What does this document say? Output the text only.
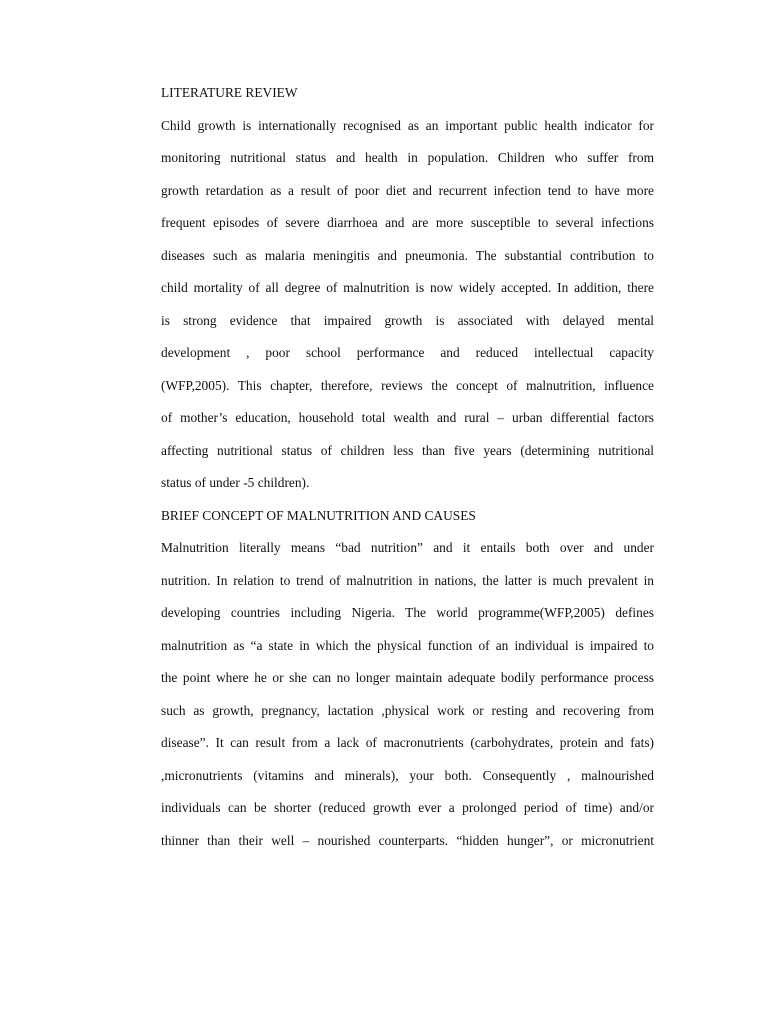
LITERATURE REVIEW

Child growth is internationally recognised as an important public health indicator for

monitoring nutritional status and health in population. Children who suffer from

growth retardation as a result of poor diet and recurrent infection tend to have more

frequent episodes of severe diarrhoea and are more susceptible to several infections

diseases such as malaria meningitis and pneumonia. The substantial contribution to

child mortality of all degree of malnutrition is now widely accepted. In addition, there

is strong evidence that impaired growth is associated with delayed mental

development , poor school performance and reduced intellectual capacity

(WFP,2005). This chapter, therefore, reviews the concept of malnutrition, influence

of mother’s education, household total wealth and rural – urban differential factors

affecting nutritional status of children less than five years (determining nutritional

status of under -5 children).

BRIEF CONCEPT OF MALNUTRITION AND CAUSES

Malnutrition literally means “bad nutrition” and it entails both over and under

nutrition. In relation to trend of malnutrition in nations, the latter is much prevalent in

developing countries including Nigeria. The world programme(WFP,2005) defines

malnutrition as “a state in which the physical function of an individual is impaired to

the point where he or she can no longer maintain adequate bodily performance process

such as growth, pregnancy, lactation ,physical work or resting and recovering from

disease”. It can result from a lack of macronutrients (carbohydrates, protein and fats)

,micronutrients (vitamins and minerals), your both. Consequently , malnourished

individuals can be shorter (reduced growth ever a prolonged period of time) and/or

thinner than their well – nourished counterparts. “hidden hunger”, or micronutrient
